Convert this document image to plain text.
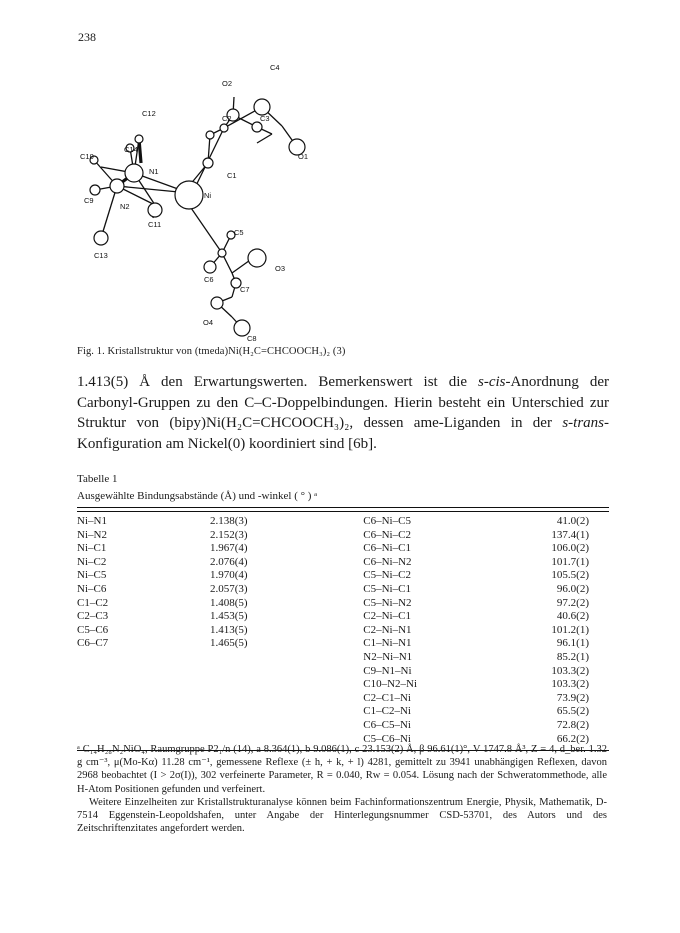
238
O2
C4
C2	C3
O1
C1
C12
C10
C14
N1
C9
N2
C11
Ni
C13
C5
C6
O3
C7
O4
C8
Fig. 1. Kristallstruktur von (tmeda)Ni(H₂C=CHCOOCH₃)₂ (3)

1.413(5) Å den Erwartungswerten. Bemerkenswert ist die s-cis-Anordnung der Carbonyl-Gruppen zu den C–C-Doppelbindungen. Hierin besteht ein Unterschied zur Struktur von (bipy)Ni(H₂C=CHCOOCH₃)₂, dessen ame-Liganden in der s-trans-Konfiguration am Nickel(0) koordiniert sind [6b].

Tabelle 1
Ausgewählte Bindungsabstände (Å) und -winkel ( ° ) ᵃ
Ni–N1	2.138(3)	C6–Ni–C5	41.0(2)
Ni–N2	2.152(3)	C6–Ni–C2	137.4(1)
Ni–C1	1.967(4)	C6–Ni–C1	106.0(2)
Ni–C2	2.076(4)	C6–Ni–N2	101.7(1)
Ni–C5	1.970(4)	C5–Ni–C2	105.5(2)
Ni–C6	2.057(3)	C5–Ni–C1	96.0(2)
C1–C2	1.408(5)	C5–Ni–N2	97.2(2)
C2–C3	1.453(5)	C2–Ni–C1	40.6(2)
C5–C6	1.413(5)	C2–Ni–N1	101.2(1)
C6–C7	1.465(5)	C1–Ni–N1	96.1(1)
		N2–Ni–N1	85.2(1)
		C9–N1–Ni	103.3(2)
		C10–N2–Ni	103.3(2)
		C2–C1–Ni	73.9(2)
		C1–C2–Ni	65.5(2)
		C6–C5–Ni	72.8(2)
		C5–C6–Ni	66.2(2)

ᵃ C₁₄H₂₈N₂NiO₄, Raumgruppe P2₁/n (14), a 8.364(1), b 9.086(1), c 23.153(2) Å, β 96.61(1)°, V 1747.8 Å³, Z = 4, d_ber. 1.32 g cm⁻³, μ(Mo-Kα) 11.28 cm⁻¹, gemessene Reflexe (± h, + k, + l) 4281, gemittelt zu 3941 unabhängigen Reflexen, davon 2968 beobachtet (I > 2σ(I)), 302 verfeinerte Parameter, R = 0.040, Rw = 0.054. Lösung nach der Schweratommethode, alle H-Atom Positionen gefunden und verfeinert.

Weitere Einzelheiten zur Kristallstrukturanalyse können beim Fachinformationszentrum Energie, Physik, Mathematik, D-7514 Eggenstein-Leopoldshafen, unter Angabe der Hinterlegungsnummer CSD-53701, des Autors und des Zeitschriftenzitates angefordert werden.
